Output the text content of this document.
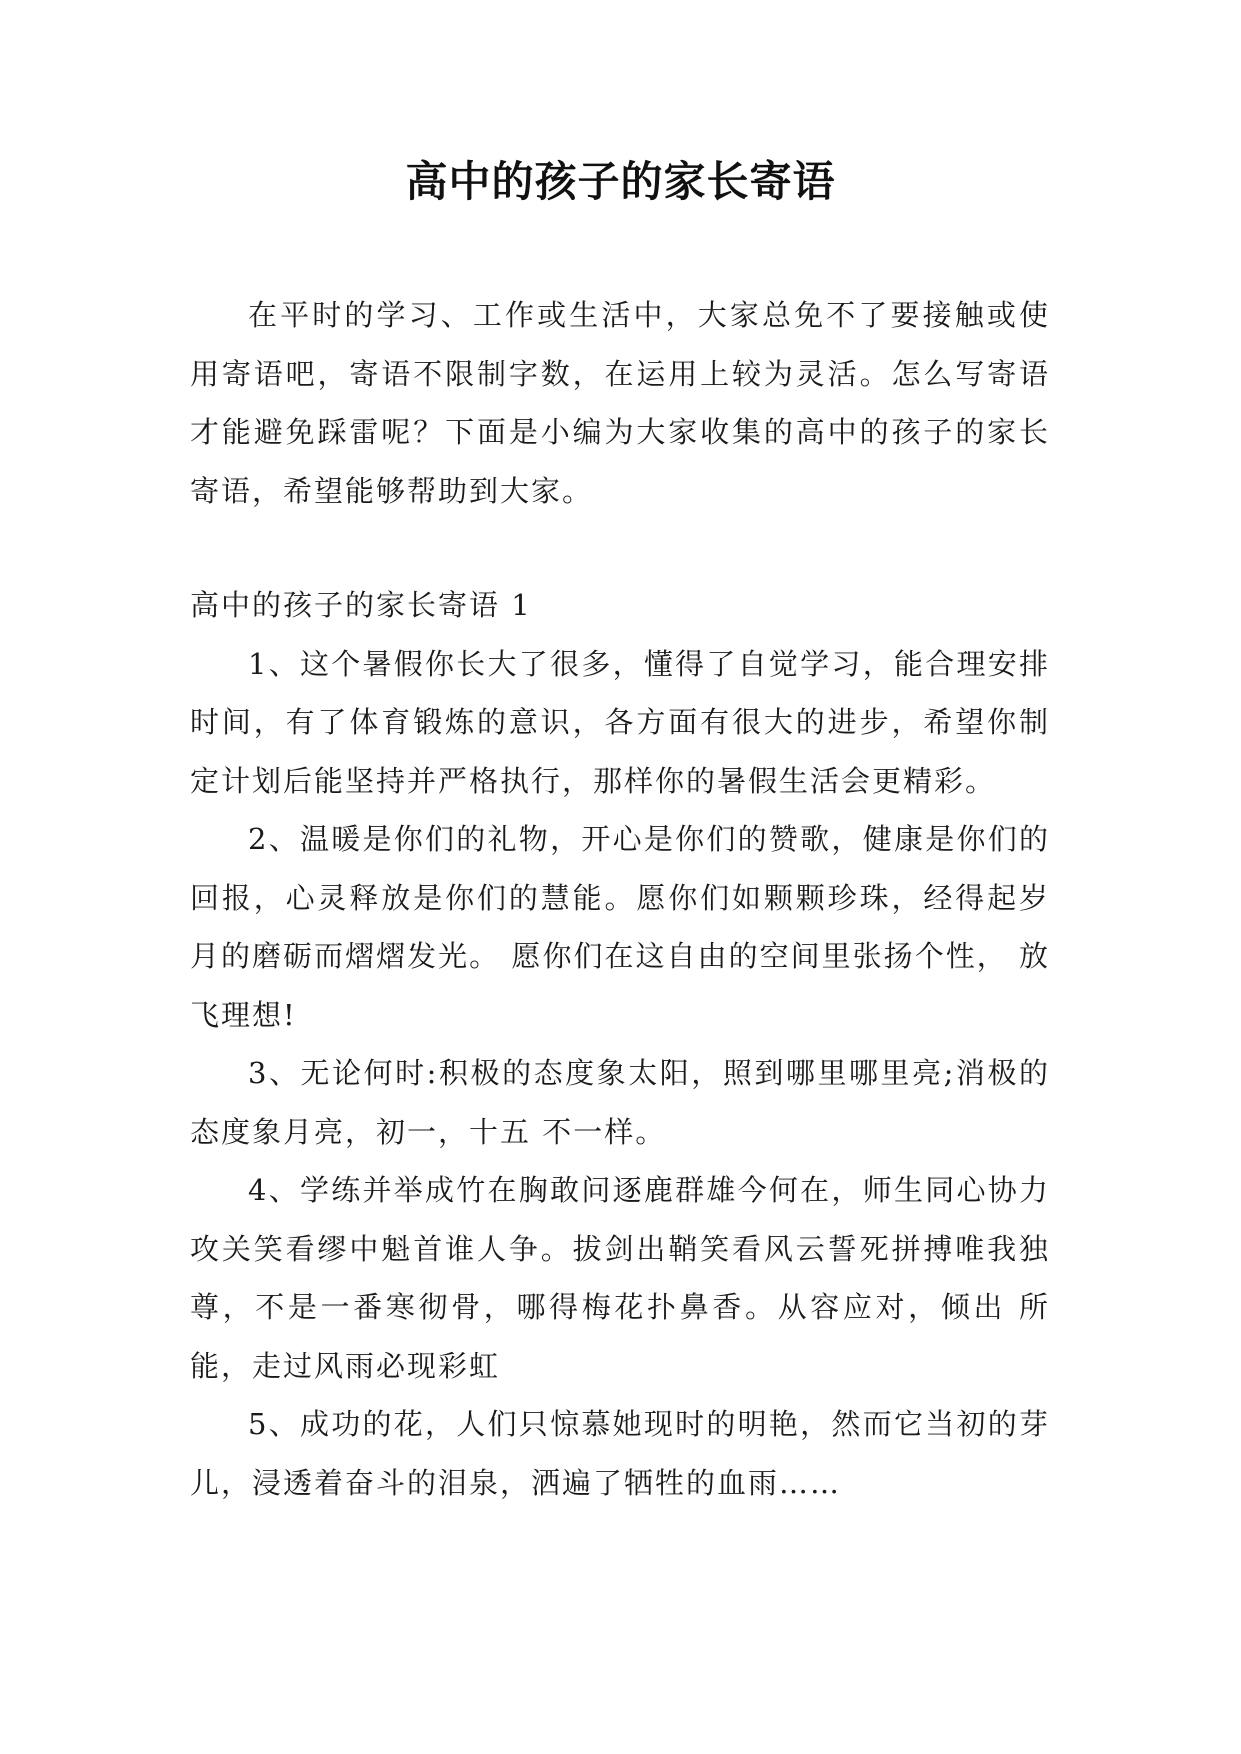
高中的孩子的家长寄语

在平时的学习、工作或生活中，大家总免不了要接触或使用寄语吧，寄语不限制字数，在运用上较为灵活。怎么写寄语才能避免踩雷呢？下面是小编为大家收集的高中的孩子的家长寄语，希望能够帮助到大家。

高中的孩子的家长寄语 1

1、这个暑假你长大了很多，懂得了自觉学习，能合理安排时间，有了体育锻炼的意识，各方面有很大的进步，希望你制定计划后能坚持并严格执行，那样你的暑假生活会更精彩。

2、温暖是你们的礼物，开心是你们的赞歌，健康是你们的回报，心灵释放是你们的慧能。愿你们如颗颗珍珠，经得起岁月的磨砺而熠熠发光。 愿你们在这自由的空间里张扬个性， 放飞理想!

3、无论何时:积极的态度象太阳，照到哪里哪里亮;消极的态度象月亮，初一，十五 不一样。

4、学练并举成竹在胸敢问逐鹿群雄今何在，师生同心协力攻关笑看缪中魁首谁人争。拔剑出鞘笑看风云誓死拼搏唯我独尊，不是一番寒彻骨，哪得梅花扑鼻香。从容应对，倾出 所能，走过风雨必现彩虹

5、成功的花，人们只惊慕她现时的明艳，然而它当初的芽儿，浸透着奋斗的泪泉，洒遍了牺牲的血雨……
